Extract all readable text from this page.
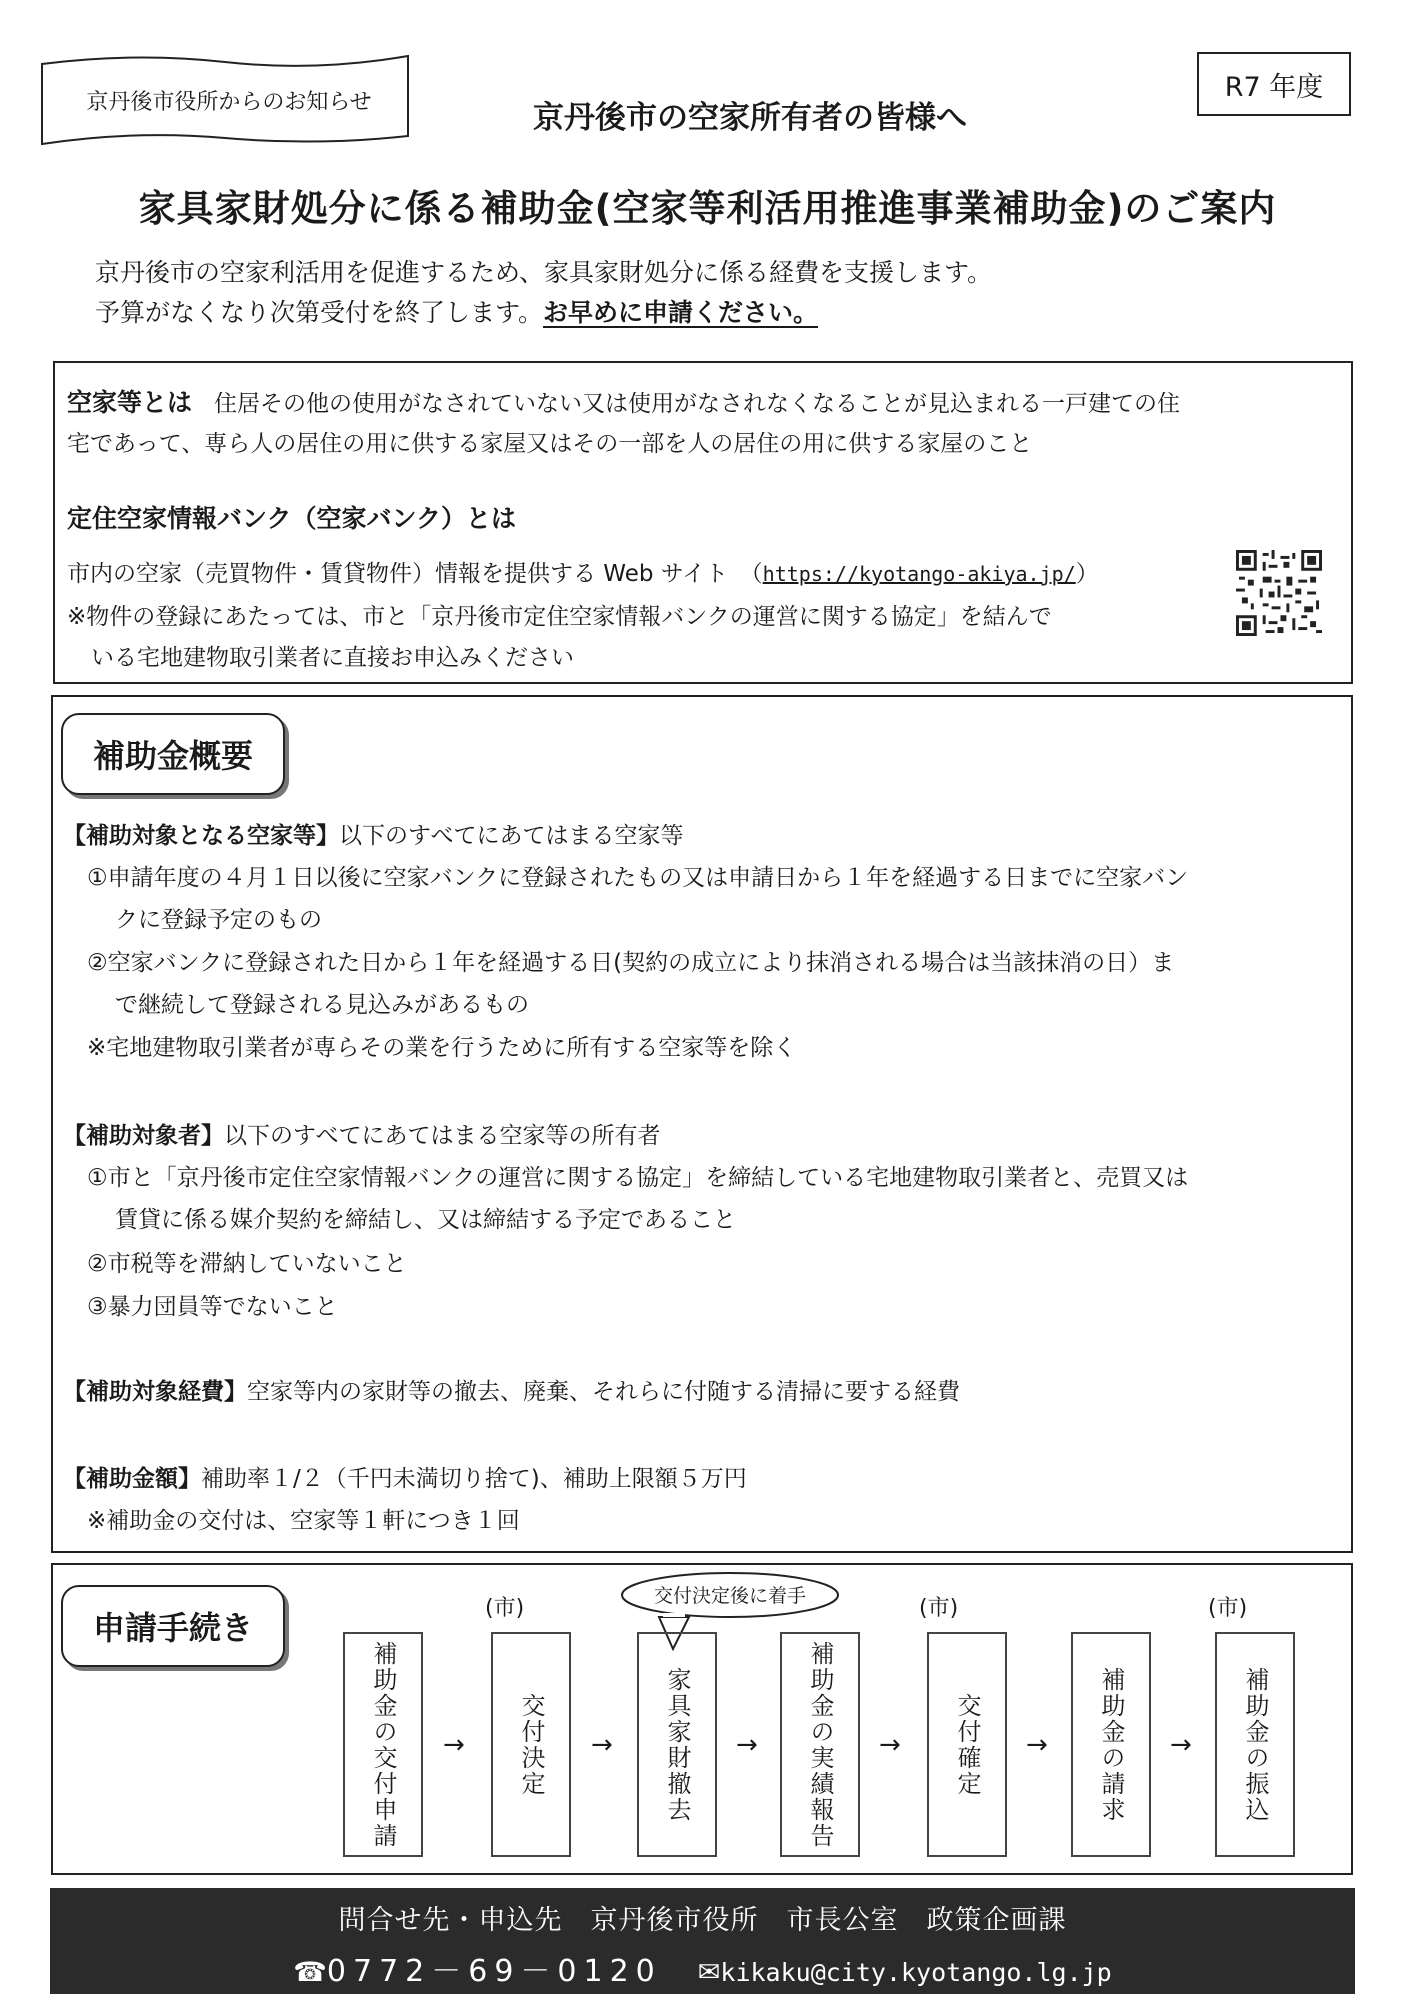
京丹後市役所からのお知らせ	R7 年度
京丹後市の空家所有者の皆様へ
家具家財処分に係る補助金(空家等利活用推進事業補助金)のご案内
京丹後市の空家利活用を促進するため、家具家財処分に係る経費を支援します。
予算がなくなり次第受付を終了します。お早めに申請ください。
空家等とは 住居その他の使用がなされていない又は使用がなされなくなることが見込まれる一戸建ての住
宅であって、専ら人の居住の用に供する家屋又はその一部を人の居住の用に供する家屋のこと
定住空家情報バンク（空家バンク）とは
市内の空家（売買物件・賃貸物件）情報を提供する Web サイト　（https://kyotango-akiya.jp/）
※物件の登録にあたっては、市と「京丹後市定住空家情報バンクの運営に関する協定」を結んで
いる宅地建物取引業者に直接お申込みください
補助金概要
【補助対象となる空家等】以下のすべてにあてはまる空家等
①申請年度の４月１日以後に空家バンクに登録されたもの又は申請日から１年を経過する日までに空家バン
クに登録予定のもの
②空家バンクに登録された日から１年を経過する日(契約の成立により抹消される場合は当該抹消の日）ま
で継続して登録される見込みがあるもの
※宅地建物取引業者が専らその業を行うために所有する空家等を除く
【補助対象者】以下のすべてにあてはまる空家等の所有者
①市と「京丹後市定住空家情報バンクの運営に関する協定」を締結している宅地建物取引業者と、売買又は
賃貸に係る媒介契約を締結し、又は締結する予定であること
②市税等を滞納していないこと
③暴力団員等でないこと
【補助対象経費】空家等内の家財等の撤去、廃棄、それらに付随する清掃に要する経費
【補助金額】補助率１/２（千円未満切り捨て)、補助上限額５万円
※補助金の交付は、空家等１軒につき１回
申請手続き
交付決定後に着手
(市)	(市)	(市)
補助金の交付申請 → 交付決定 → 家具家財撤去 → 補助金の実績報告 → 交付確定 → 補助金の請求 → 補助金の振込
問合せ先・申込先　京丹後市役所　市長公室　政策企画課
☎0772－69－0120 ✉kikaku@city.kyotango.lg.jp
